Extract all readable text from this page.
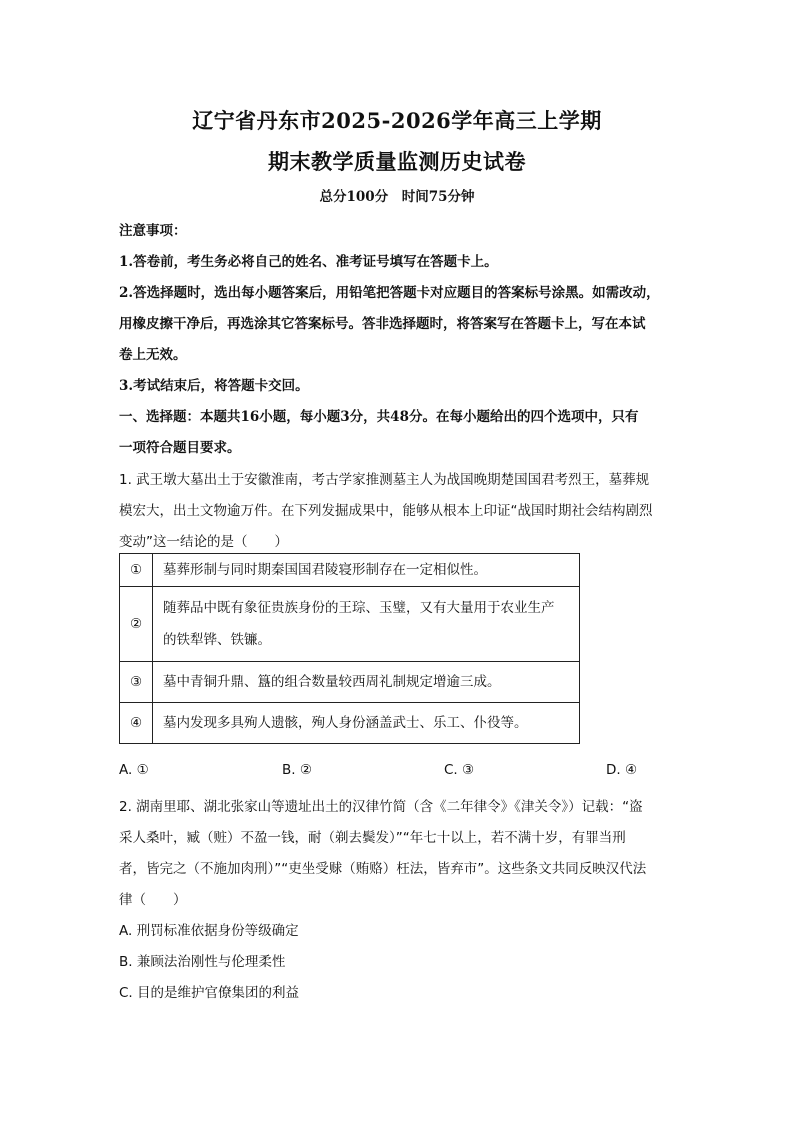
辽宁省丹东市2025-2026学年高三上学期
期末教学质量监测历史试卷
总分100分　时间75分钟
注意事项：
1.答卷前，考生务必将自己的姓名、准考证号填写在答题卡上。
2.答选择题时，选出每小题答案后，用铅笔把答题卡对应题目的答案标号涂黑。如需改动，
用橡皮擦干净后，再选涂其它答案标号。答非选择题时，将答案写在答题卡上，写在本试
卷上无效。
3.考试结束后，将答题卡交回。
一、选择题：本题共16小题，每小题3分，共48分。在每小题给出的四个选项中，只有
一项符合题目要求。
1. 武王墩大墓出土于安徽淮南，考古学家推测墓主人为战国晚期楚国国君考烈王，墓葬规
模宏大，出土文物逾万件。在下列发掘成果中，能够从根本上印证“战国时期社会结构剧烈
变动”这一结论的是（　　）
①	墓葬形制与同时期秦国国君陵寝形制存在一定相似性。

②	随葬品中既有象征贵族身份的王琮、玉璧，又有大量用于农业生产
的铁犁铧、铁镰。

③	墓中青铜升鼎、簋的组合数量较西周礼制规定增逾三成。

④	墓内发现多具殉人遗骸，殉人身份涵盖武士、乐工、仆役等。
A. ①	B. ②	C. ③	D. ④
2. 湖南里耶、湖北张家山等遗址出土的汉律竹简（含《二年律令》《津关令》）记载：“盗
采人桑叶，臧（赃）不盈一钱，耐（剃去鬓发）”“年七十以上，若不满十岁，有罪当刑
者，皆完之（不施加肉刑）”“吏坐受赇（贿赂）枉法，皆弃市”。这些条文共同反映汉代法
律（　　）
A. 刑罚标准依据身份等级确定
B. 兼顾法治刚性与伦理柔性
C. 目的是维护官僚集团的利益
